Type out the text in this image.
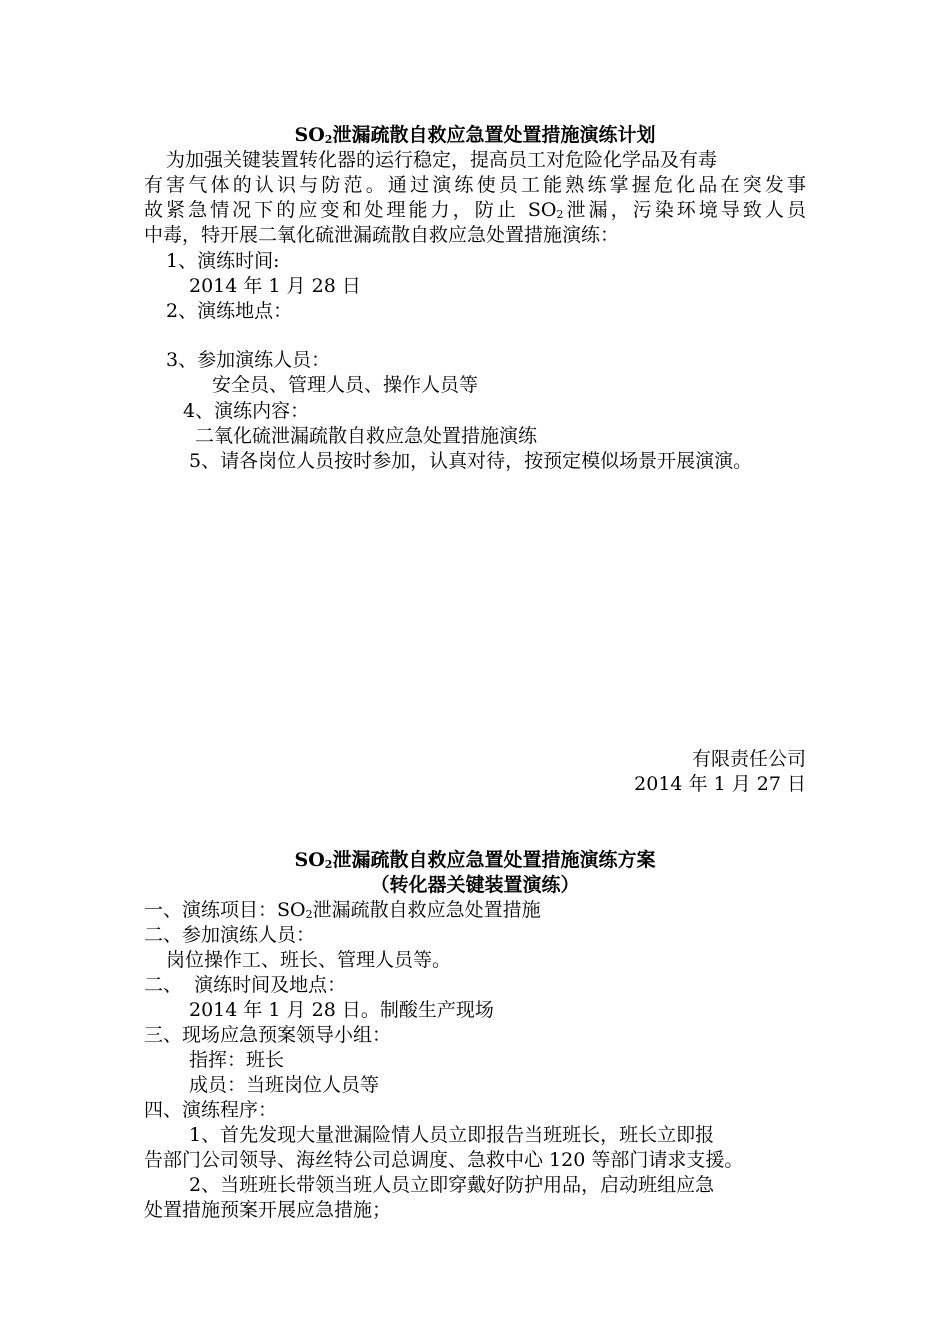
$SO_2$泄漏疏散自救应急置处置措施演练计划
为加强关键装置转化器的运行稳定，提高员工对危险化学品及有毒
有害气体的认识与防范。通过演练使员工能熟练掌握危化品在突发事
故紧急情况下的应变和处理能力，防止 $SO_2$泄漏，污染环境导致人员
中毒，特开展二氧化硫泄漏疏散自救应急处置措施演练：
1、演练时间:
2014 年 1 月 28 日
2、演练地点：
3、参加演练人员：
安全员、管理人员、操作人员等
4、演练内容：
二氧化硫泄漏疏散自救应急处置措施演练
5、请各岗位人员按时参加，认真对待，按预定模似场景开展演演。
有限责任公司
2014 年 1 月 27 日
$SO_2$泄漏疏散自救应急置处置措施演练方案
（转化器关键装置演练）
一、演练项目：$SO_2$泄漏疏散自救应急处置措施
二、参加演练人员：
岗位操作工、班长、管理人员等。
二、  演练时间及地点：
2014 年 1 月 28 日。制酸生产现场
三、现场应急预案领导小组：
指挥：班长
成员：当班岗位人员等
四、演练程序：
1、首先发现大量泄漏险情人员立即报告当班班长，班长立即报
告部门公司领导、海丝特公司总调度、急救中心 120 等部门请求支援。
2、当班班长带领当班人员立即穿戴好防护用品，启动班组应急
处置措施预案开展应急措施；
